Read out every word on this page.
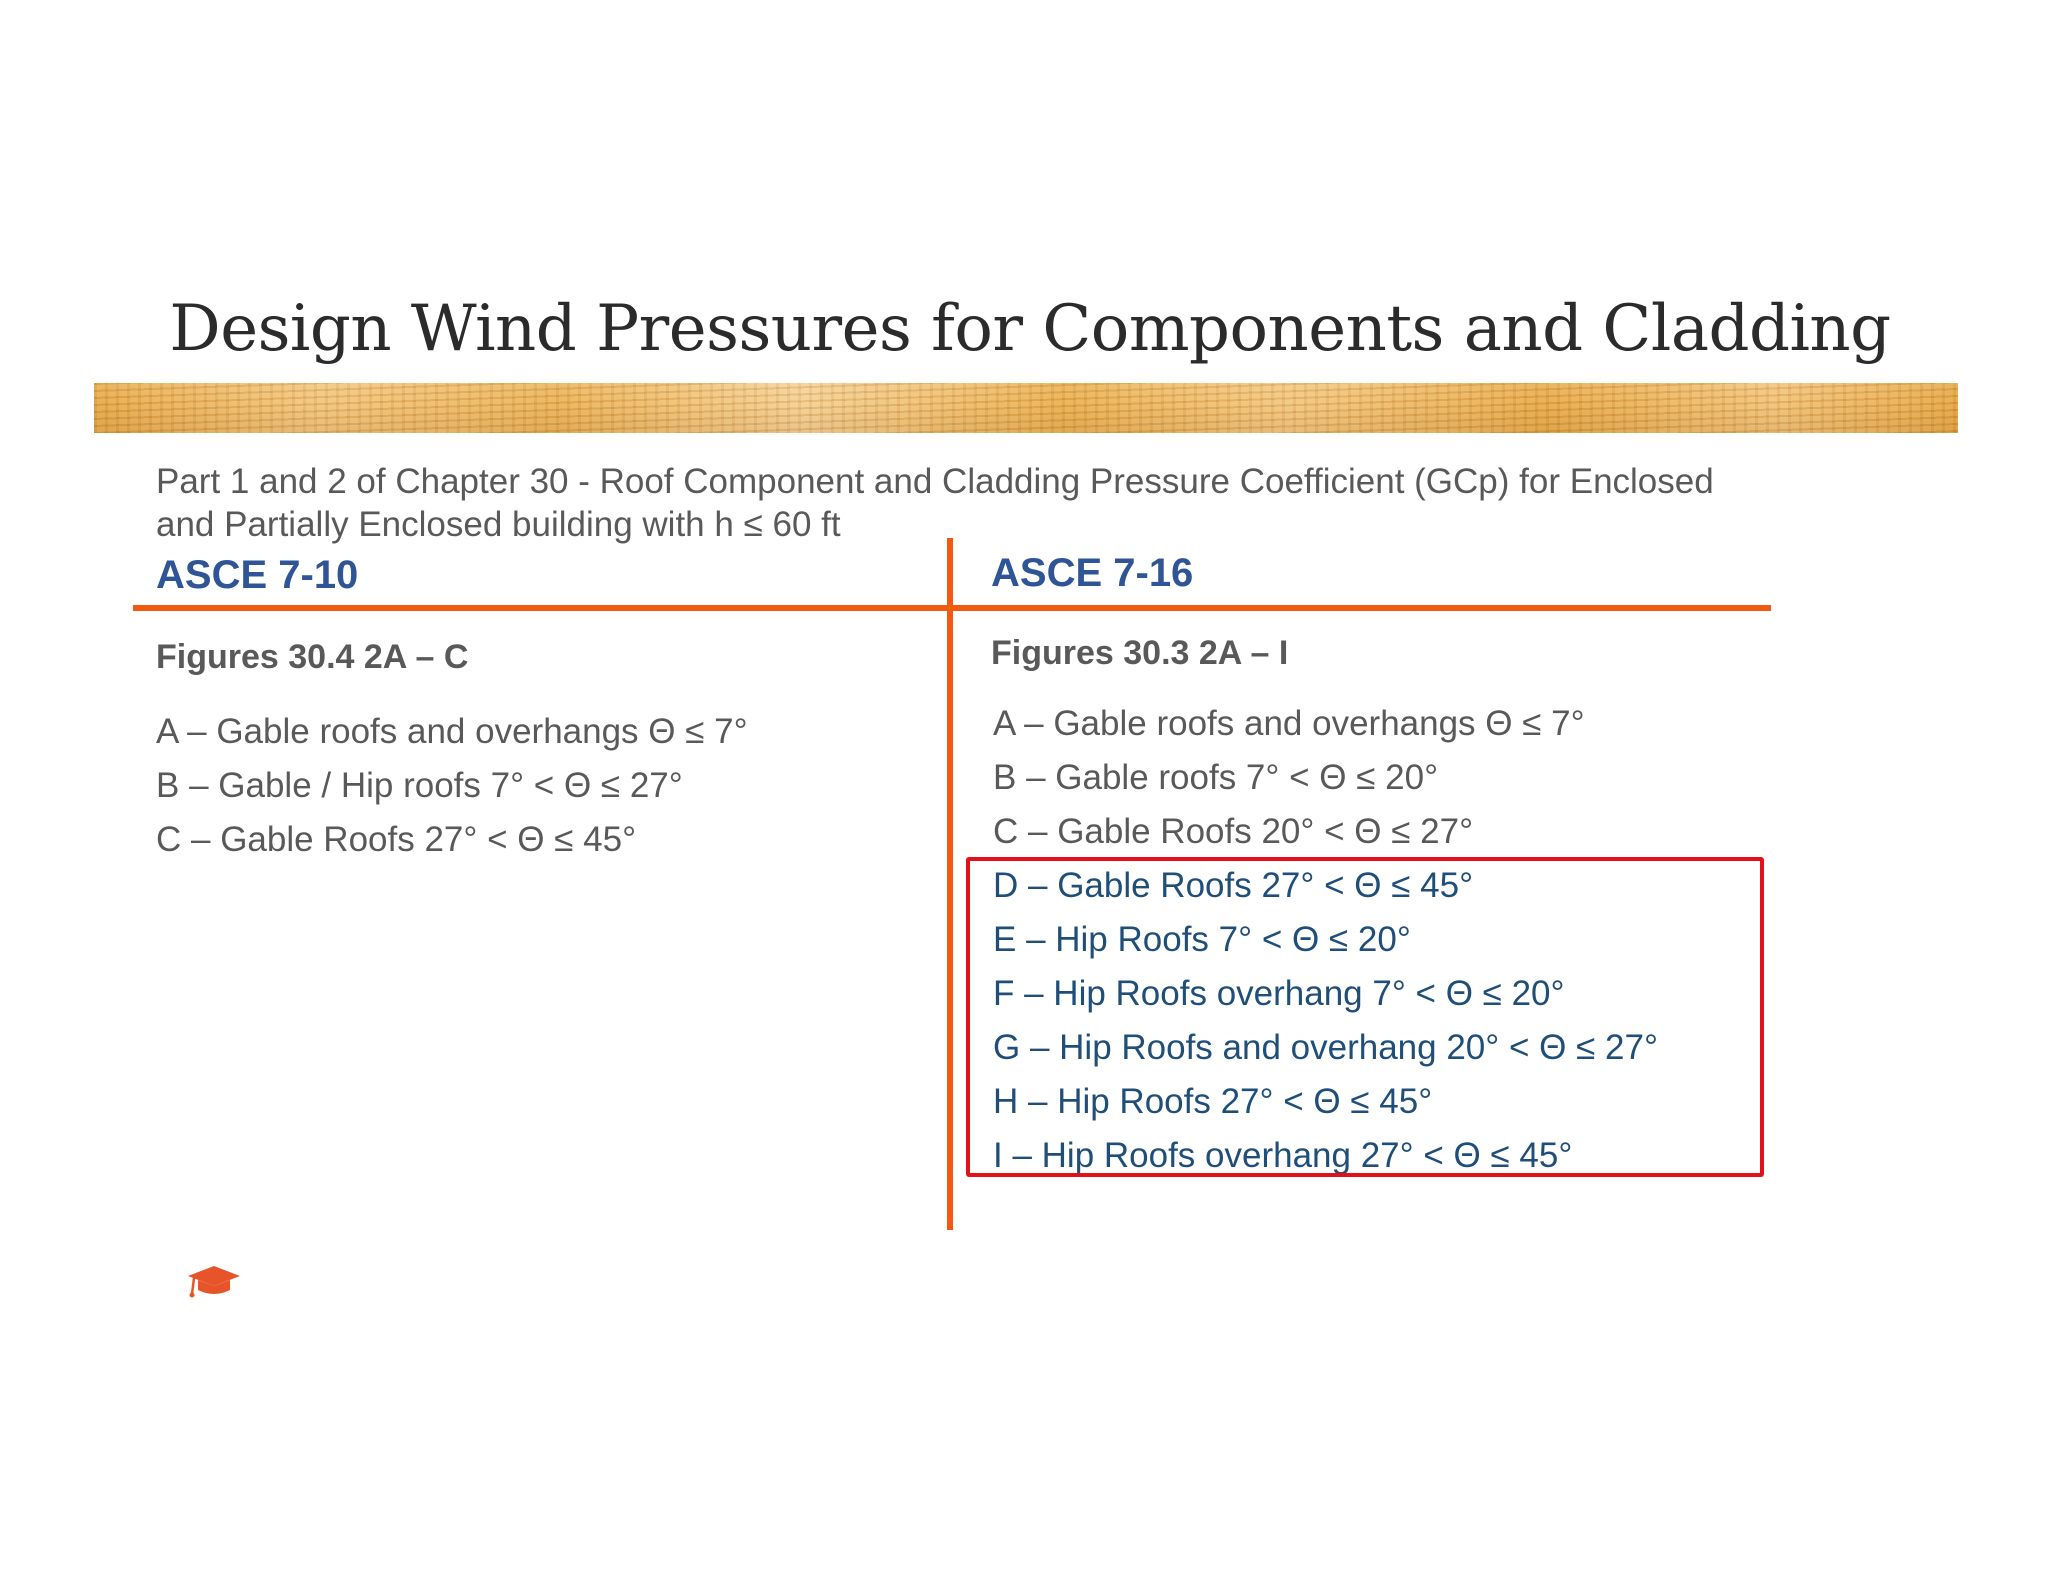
Design Wind Pressures for Components and Cladding
Part 1 and 2 of Chapter 30 - Roof Component and Cladding Pressure Coefficient (GCp) for Enclosed and Partially Enclosed building with h ≤ 60 ft
ASCE 7-10	ASCE 7-16
Figures 30.4 2A – C	Figures 30.3 2A – I
A – Gable roofs and overhangs Θ ≤ 7°
B – Gable / Hip roofs 7° < Θ ≤ 27°
C – Gable Roofs 27° < Θ ≤ 45°
A – Gable roofs and overhangs Θ ≤ 7°
B – Gable roofs 7° < Θ ≤ 20°
C – Gable Roofs 20° < Θ ≤ 27°
D – Gable Roofs 27° < Θ ≤ 45°
E – Hip Roofs 7° < Θ ≤ 20°
F – Hip Roofs overhang 7° < Θ ≤ 20°
G – Hip Roofs and overhang 20° < Θ ≤ 27°
H – Hip Roofs 27° < Θ ≤ 45°
I – Hip Roofs overhang 27° < Θ ≤ 45°
